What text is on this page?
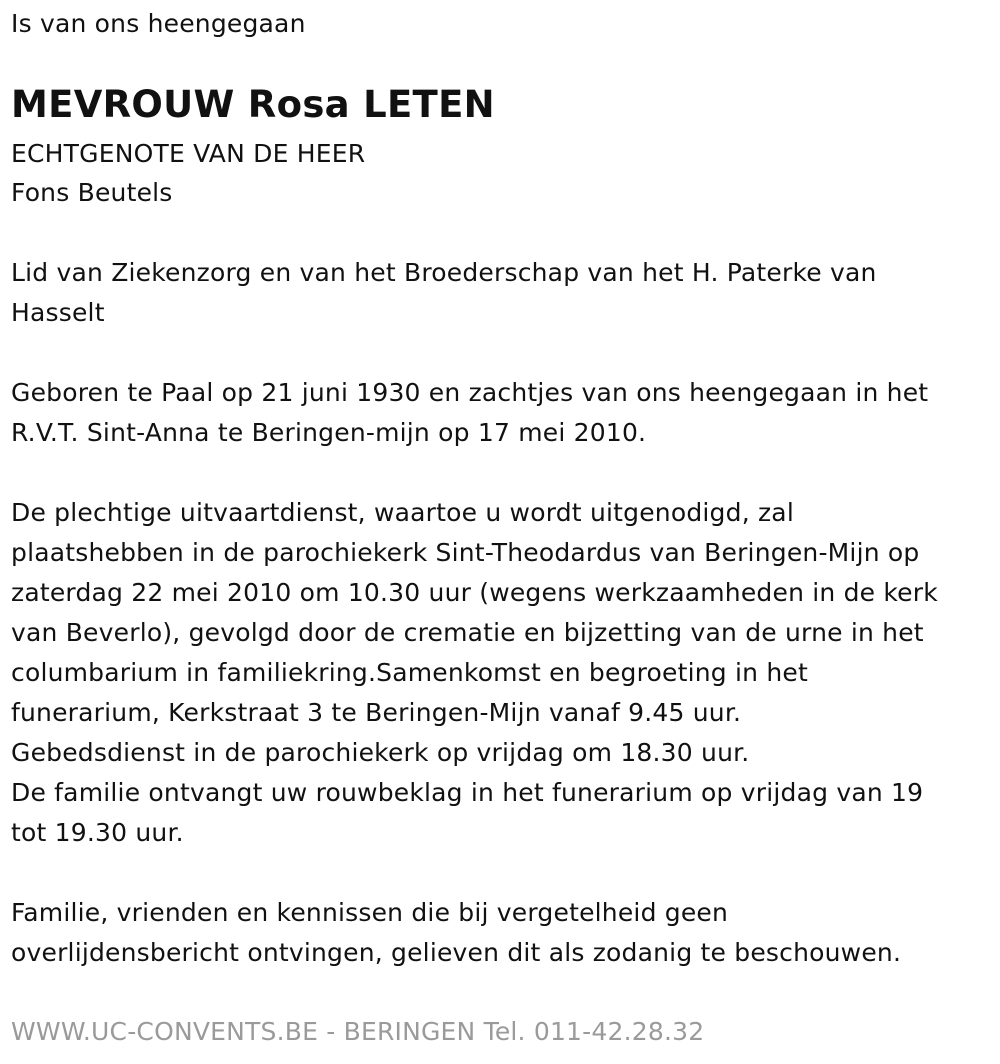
Is van ons heengegaan
MEVROUW Rosa LETEN
ECHTGENOTE VAN DE HEER
Fons Beutels
Lid van Ziekenzorg en van het Broederschap van het H. Paterke van
Hasselt
Geboren te Paal op 21 juni 1930 en zachtjes van ons heengegaan in het
R.V.T. Sint-Anna te Beringen-mijn op 17 mei 2010.
De plechtige uitvaartdienst, waartoe u wordt uitgenodigd, zal
plaatshebben in de parochiekerk Sint-Theodardus van Beringen-Mijn op
zaterdag 22 mei 2010 om 10.30 uur (wegens werkzaamheden in de kerk
van Beverlo), gevolgd door de crematie en bijzetting van de urne in het
columbarium in familiekring.Samenkomst en begroeting in het
funerarium, Kerkstraat 3 te Beringen-Mijn vanaf 9.45 uur.
Gebedsdienst in de parochiekerk op vrijdag om 18.30 uur.
De familie ontvangt uw rouwbeklag in het funerarium op vrijdag van 19
tot 19.30 uur.
Familie, vrienden en kennissen die bij vergetelheid geen
overlijdensbericht ontvingen, gelieven dit als zodanig te beschouwen.
WWW.UC-CONVENTS.BE - BERINGEN Tel. 011-42.28.32
